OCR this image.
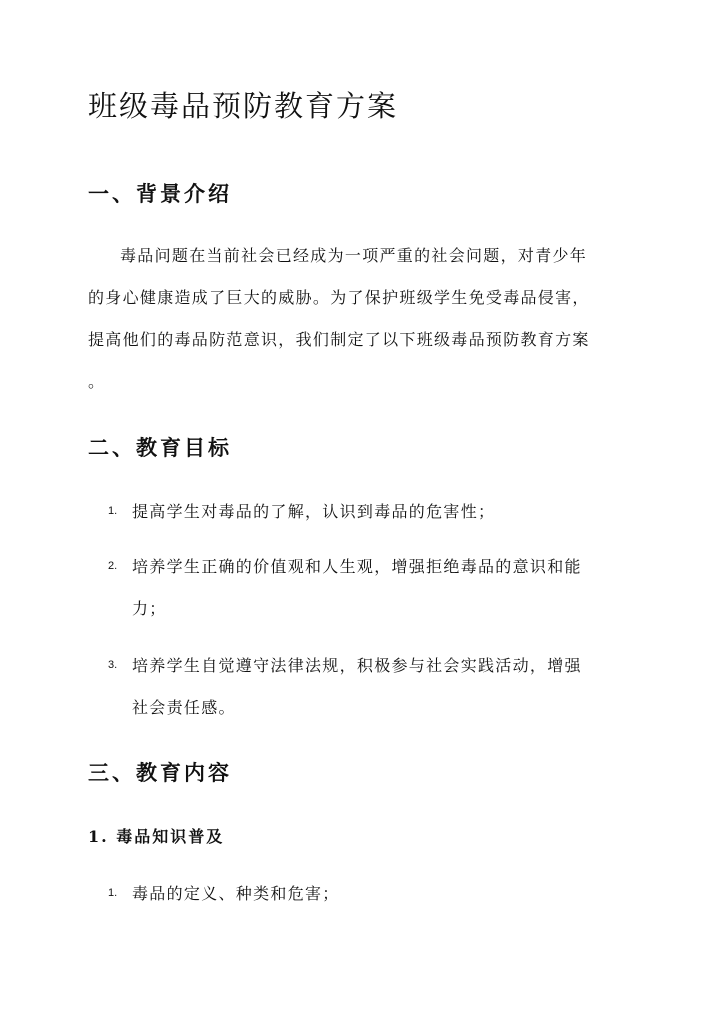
班级毒品预防教育方案
一、背景介绍
毒品问题在当前社会已经成为一项严重的社会问题，对青少年
的身心健康造成了巨大的威胁。为了保护班级学生免受毒品侵害，
提高他们的毒品防范意识，我们制定了以下班级毒品预防教育方案
。
二、教育目标
1. 提高学生对毒品的了解，认识到毒品的危害性；
2. 培养学生正确的价值观和人生观，增强拒绝毒品的意识和能
力；
3. 培养学生自觉遵守法律法规，积极参与社会实践活动，增强
社会责任感。
三、教育内容
1. 毒品知识普及
1. 毒品的定义、种类和危害；
